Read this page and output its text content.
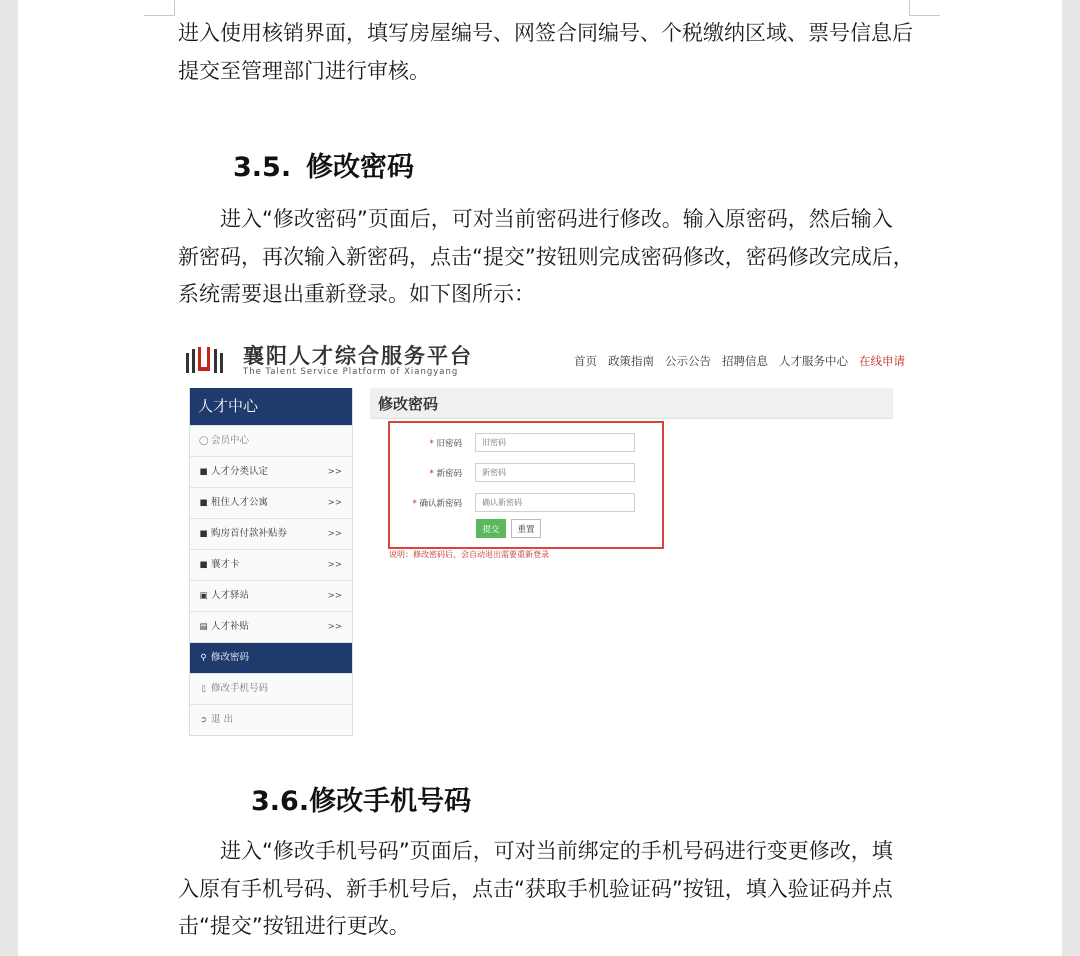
进入使用核销界面，填写房屋编号、网签合同编号、个税缴纳区域、票号信息后
提交至管理部门进行审核。

3.5. 修改密码

进入“修改密码”页面后，可对当前密码进行修改。输入原密码，然后输入
新密码，再次输入新密码，点击“提交”按钮则完成密码修改，密码修改完成后，
系统需要退出重新登录。如下图所示：

襄阳人才综合服务平台
The Talent Service Platform of Xiangyang
首页 政策指南 公示公告 招聘信息 人才服务中心 在线申请
人才中心
◯ 会员中心
■ 人才分类认定	>>
■ 租住人才公寓	>>
■ 购房首付款补贴券	>>
■ 襄才卡	>>
▣ 人才驿站	>>
▤ 人才补贴	>>
⚲ 修改密码
▯ 修改手机号码
➲ 退 出
修改密码
* 旧密码
* 新密码
* 确认新密码
提交	重置
说明：修改密码后，会自动退出需要重新登录
3.6.修改手机号码

进入“修改手机号码”页面后，可对当前绑定的手机号码进行变更修改，填
入原有手机号码、新手机号后，点击“获取手机验证码”按钮，填入验证码并点
击“提交”按钮进行更改。
